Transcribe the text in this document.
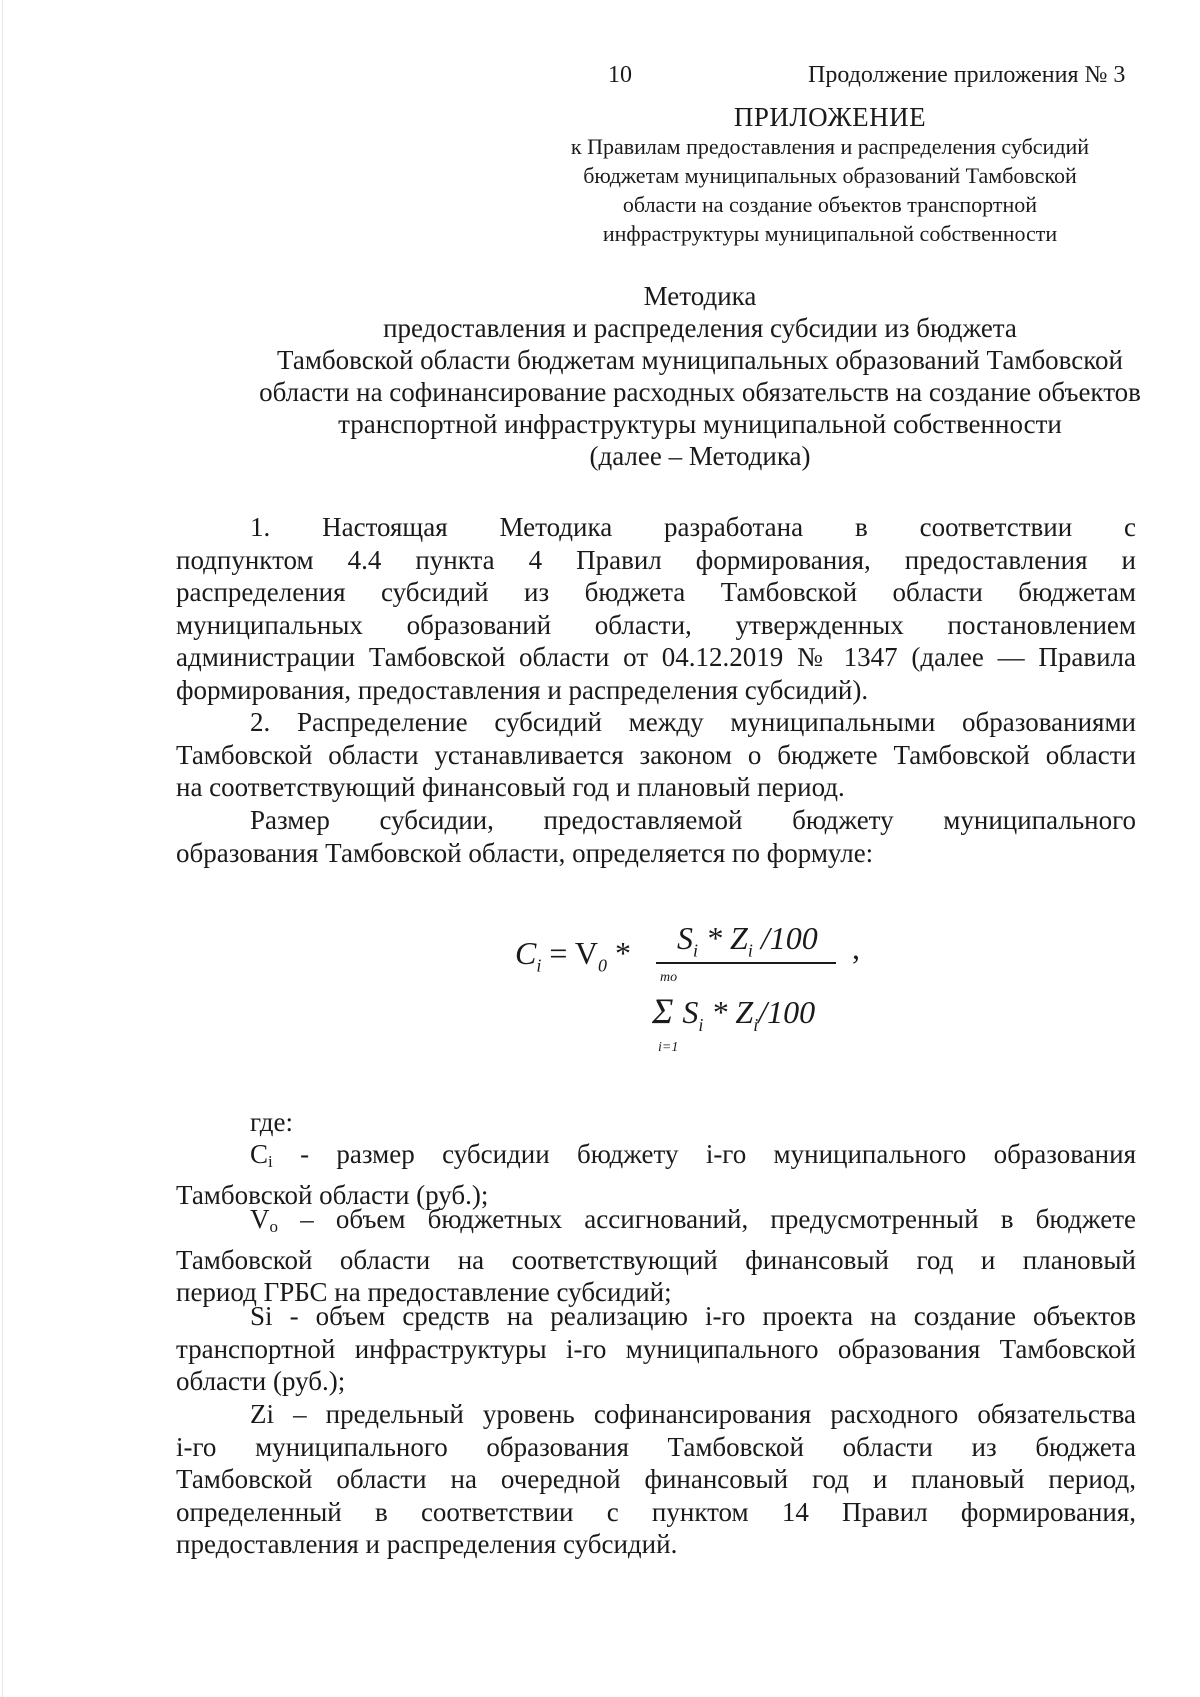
10	Продолжение приложения № 3
ПРИЛОЖЕНИЕ
к Правилам предоставления и распределения субсидий
бюджетам муниципальных образований Тамбовской
области на создание объектов транспортной
инфраструктуры муниципальной собственности
Методика
предоставления и распределения субсидии из бюджета
Тамбовской области бюджетам муниципальных образований Тамбовской
области на софинансирование расходных обязательств на создание объектов
транспортной инфраструктуры муниципальной собственности
(далее – Методика)
1. Настоящая Методика разработана в соответствии с
подпунктом 4.4 пункта 4 Правил формирования, предоставления и
распределения субсидий из бюджета Тамбовской области бюджетам
муниципальных образований области, утвержденных постановлением
администрации Тамбовской области от 04.12.2019 № 1347 (далее — Правила
формирования, предоставления и распределения субсидий).
2. Распределение субсидий между муниципальными образованиями
Тамбовской области устанавливается законом о бюджете Тамбовской области
на соответствующий финансовый год и плановый период.
Размер субсидии, предоставляемой бюджету муниципального
образования Тамбовской области, определяется по формуле:
$C_i = V_0 * S_i * Z_i$ /100 ,
mo
Σ $S_i * Z_i/100$
i=1
где:
$C_i$ - размер субсидии бюджету i-го муниципального образования
Тамбовской области (руб.);
$V_o$ – объем бюджетных ассигнований, предусмотренный в бюджете
Тамбовской области на соответствующий финансовый год и плановый
период ГРБС на предоставление субсидий;
Si - объем средств на реализацию i-го проекта на создание объектов
транспортной инфраструктуры i-го муниципального образования Тамбовской
области (руб.);
Zi – предельный уровень софинансирования расходного обязательства
i-го муниципального образования Тамбовской области из бюджета
Тамбовской области на очередной финансовый год и плановый период,
определенный в соответствии с пунктом 14 Правил формирования,
предоставления и распределения субсидий.
